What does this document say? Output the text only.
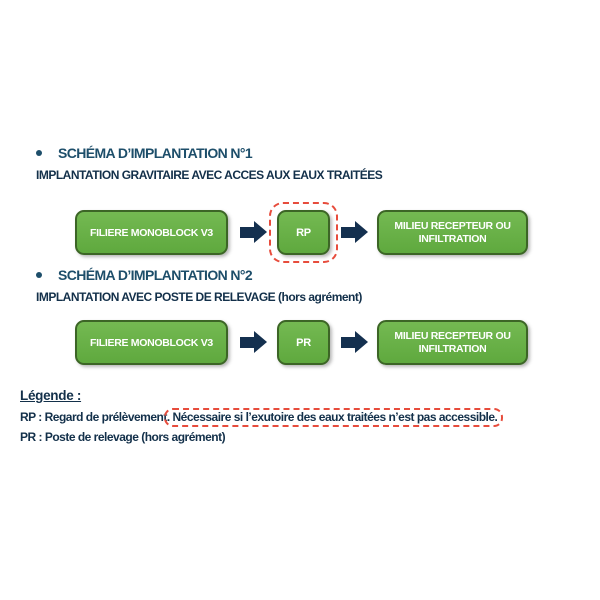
SCHÉMA D’IMPLANTATION N°1
IMPLANTATION GRAVITAIRE AVEC ACCES AUX EAUX TRAITÉES
FILIERE MONOBLOCK V3	RP
MILIEU RECEPTEUR OU
INFILTRATION
SCHÉMA D’IMPLANTATION N°2
IMPLANTATION AVEC POSTE DE RELEVAGE (hors agrément)
FILIERE MONOBLOCK V3	PR
MILIEU RECEPTEUR OU
INFILTRATION
Légende :
RP : Regard de prélèvement . Nécessaire si l’exutoire des eaux traitées n’est pas accessible.
PR : Poste de relevage (hors agrément)
